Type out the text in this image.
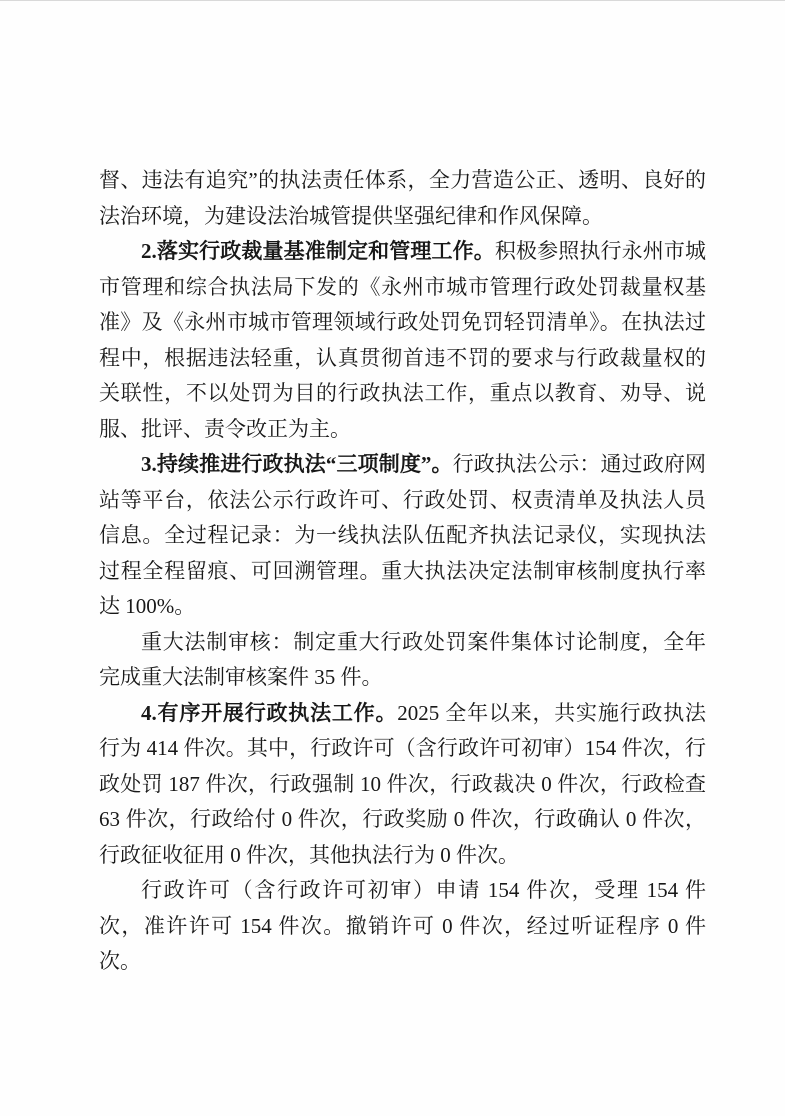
督、违法有追究”的执法责任体系，全力营造公正、透明、良好的法治环境，为建设法治城管提供坚强纪律和作风保障。

2.落实行政裁量基准制定和管理工作。积极参照执行永州市城市管理和综合执法局下发的《永州市城市管理行政处罚裁量权基准》及《永州市城市管理领域行政处罚免罚轻罚清单》。在执法过程中，根据违法轻重，认真贯彻首违不罚的要求与行政裁量权的关联性，不以处罚为目的行政执法工作，重点以教育、劝导、说服、批评、责令改正为主。

3.持续推进行政执法“三项制度”。行政执法公示：通过政府网站等平台，依法公示行政许可、行政处罚、权责清单及执法人员信息。全过程记录：为一线执法队伍配齐执法记录仪，实现执法过程全程留痕、可回溯管理。重大执法决定法制审核制度执行率达 100%。

重大法制审核：制定重大行政处罚案件集体讨论制度，全年完成重大法制审核案件 35 件。

4.有序开展行政执法工作。2025 全年以来，共实施行政执法行为 414 件次。其中，行政许可（含行政许可初审）154 件次，行政处罚 187 件次，行政强制 10 件次，行政裁决 0 件次，行政检查 63 件次，行政给付 0 件次，行政奖励 0 件次，行政确认 0 件次，行政征收征用 0 件次，其他执法行为 0 件次。

行政许可（含行政许可初审）申请 154 件次，受理 154 件次，准许许可 154 件次。撤销许可 0 件次，经过听证程序 0 件次。
